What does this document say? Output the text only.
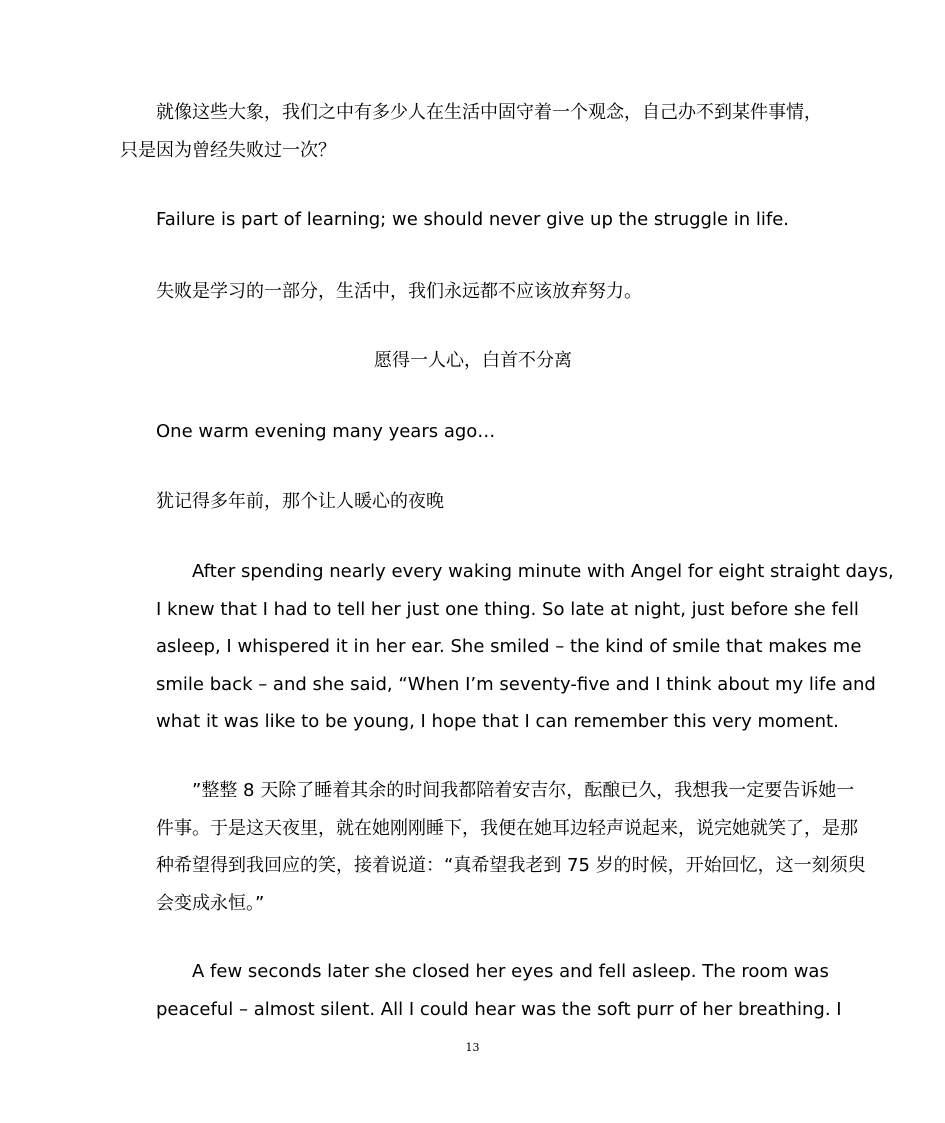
就像这些大象，我们之中有多少人在生活中固守着一个观念，自己办不到某件事情，
只是因为曾经失败过一次？
Failure is part of learning; we should never give up the struggle in life.
失败是学习的一部分，生活中，我们永远都不应该放弃努力。
愿得一人心，白首不分离
One warm evening many years ago…
犹记得多年前，那个让人暖心的夜晚
After spending nearly every waking minute with Angel for eight straight days,
I knew that I had to tell her just one thing. So late at night, just before she fell
asleep, I whispered it in her ear. She smiled – the kind of smile that makes me
smile back – and she said, “When I’m seventy-five and I think about my life and
what it was like to be young, I hope that I can remember this very moment.
”整整 8 天除了睡着其余的时间我都陪着安吉尔，酝酿已久，我想我一定要告诉她一
件事。于是这天夜里，就在她刚刚睡下，我便在她耳边轻声说起来，说完她就笑了，是那
种希望得到我回应的笑，接着说道：“真希望我老到 75 岁的时候，开始回忆，这一刻须臾
会变成永恒。”
A few seconds later she closed her eyes and fell asleep. The room was
peaceful – almost silent. All I could hear was the soft purr of her breathing. I
13
